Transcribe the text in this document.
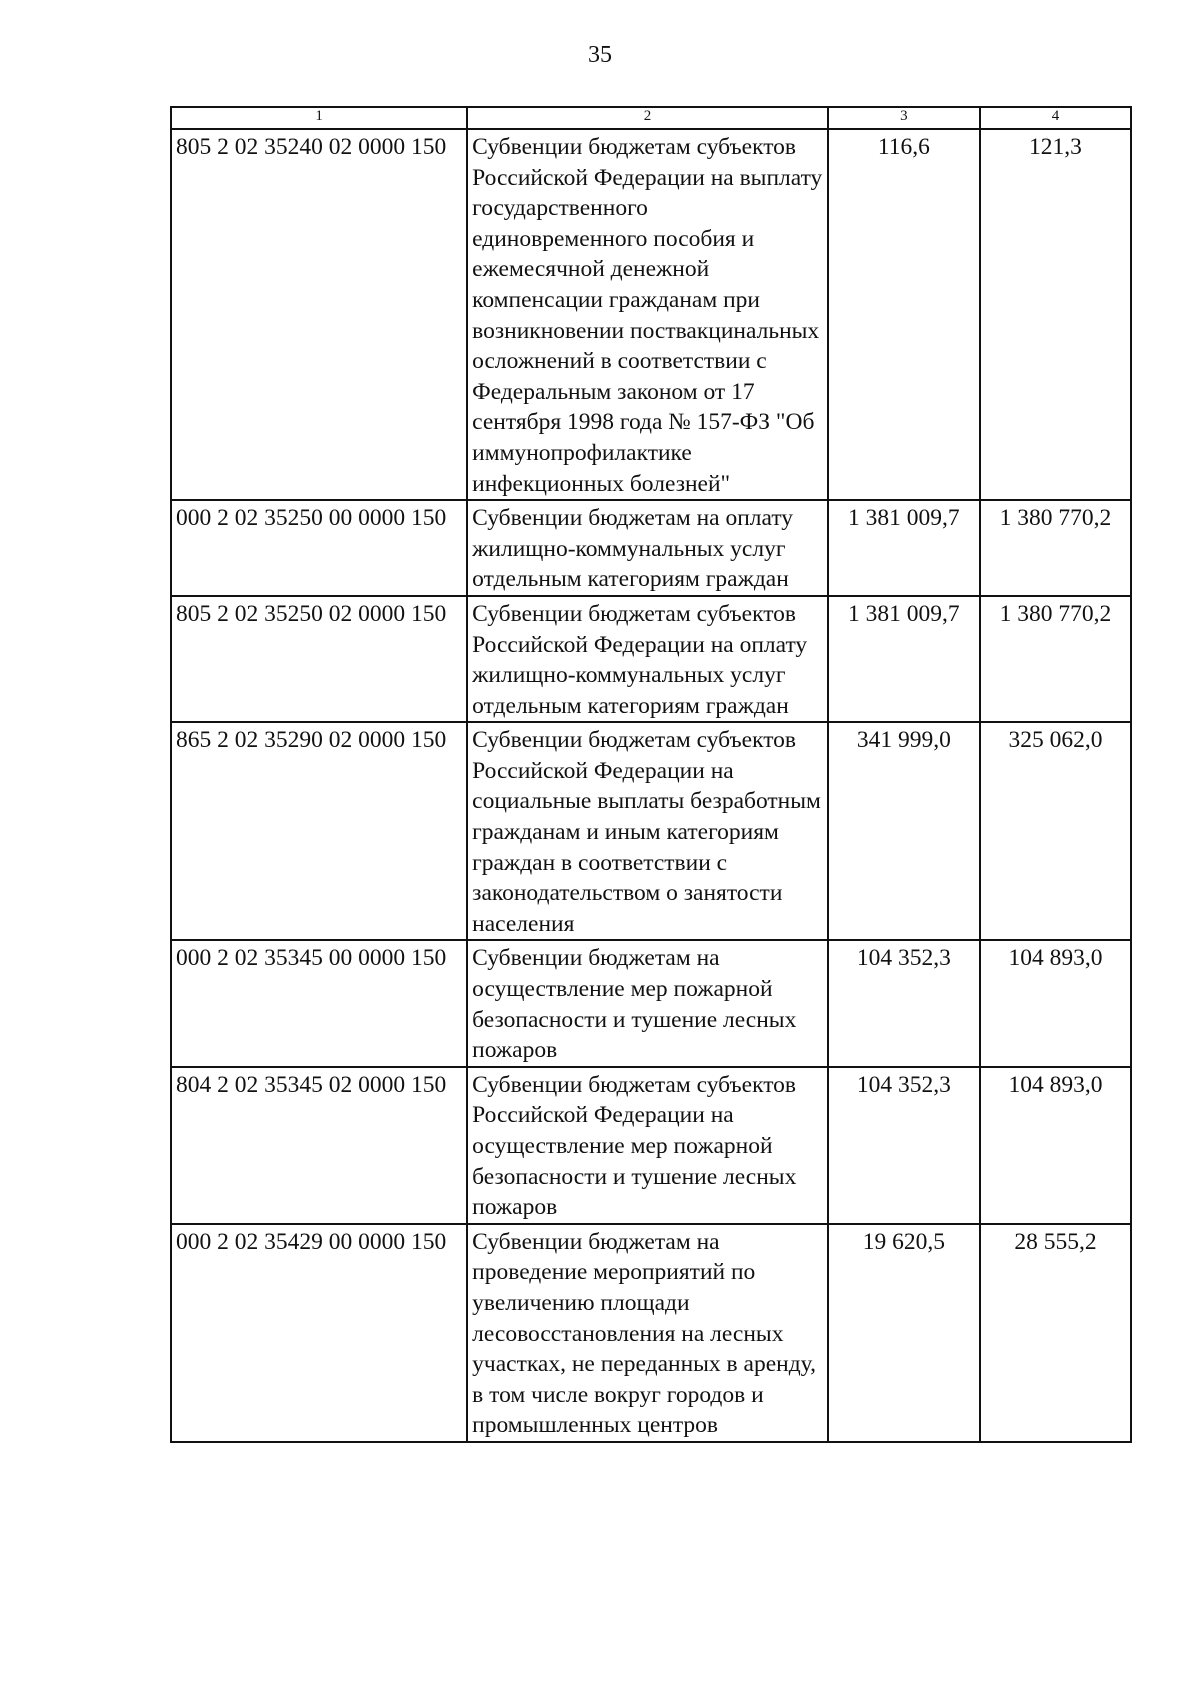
35
1	2	3	4
805 2 02 35240 02 0000 150	Субвенции бюджетам субъектов Российской Федерации на выплату государственного единовременного пособия и ежемесячной денежной компенсации гражданам при возникновении поствакцинальных осложнений в соответствии с Федеральным законом от 17 сентября 1998 года № 157-ФЗ "Об иммунопрофилактике инфекционных болезней"	116,6	121,3
000 2 02 35250 00 0000 150	Субвенции бюджетам на оплату жилищно-коммунальных услуг отдельным категориям граждан	1 381 009,7	1 380 770,2
805 2 02 35250 02 0000 150	Субвенции бюджетам субъектов Российской Федерации на оплату жилищно-коммунальных услуг отдельным категориям граждан	1 381 009,7	1 380 770,2
865 2 02 35290 02 0000 150	Субвенции бюджетам субъектов Российской Федерации на социальные выплаты безработным гражданам и иным категориям граждан в соответствии с законодательством о занятости населения	341 999,0	325 062,0
000 2 02 35345 00 0000 150	Субвенции бюджетам на осуществление мер пожарной безопасности и тушение лесных пожаров	104 352,3	104 893,0
804 2 02 35345 02 0000 150	Субвенции бюджетам субъектов Российской Федерации на осуществление мер пожарной безопасности и тушение лесных пожаров	104 352,3	104 893,0
000 2 02 35429 00 0000 150	Субвенции бюджетам на проведение мероприятий по увеличению площади лесовосстановления на лесных участках, не переданных в аренду, в том числе вокруг городов и промышленных центров	19 620,5	28 555,2
